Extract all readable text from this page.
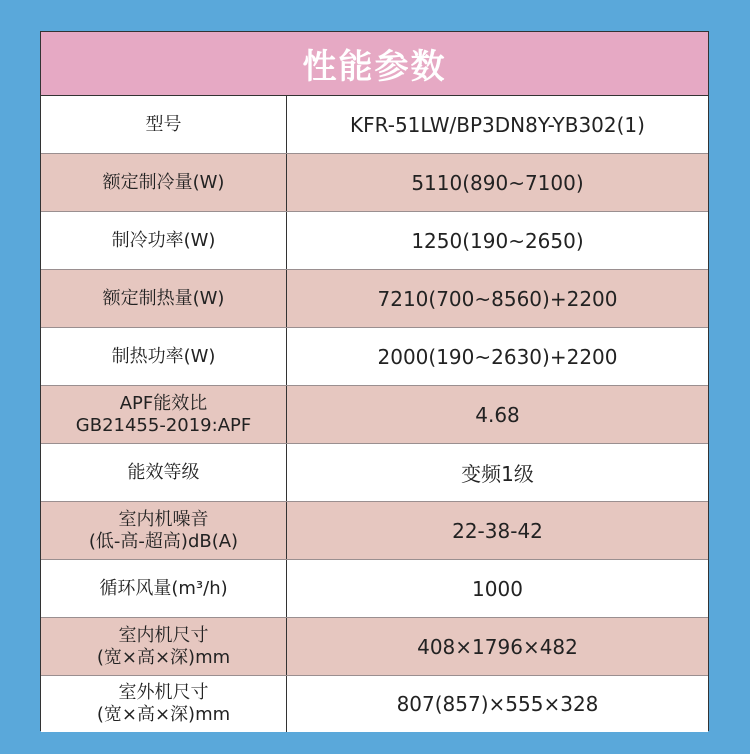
性能参数
型号	KFR-51LW/BP3DN8Y-YB302(1)
额定制冷量(W)	5110(890~7100)
制冷功率(W)	1250(190~2650)
额定制热量(W)	7210(700~8560)+2200
制热功率(W)	2000(190~2630)+2200
APF能效比
GB21455-2019:APF	4.68
能效等级	变频1级
室内机噪音
(低-高-超高)dB(A)	22-38-42
循环风量(m³/h)	1000
室内机尺寸
(宽×高×深)mm	408×1796×482
室外机尺寸
(宽×高×深)mm	807(857)×555×328
